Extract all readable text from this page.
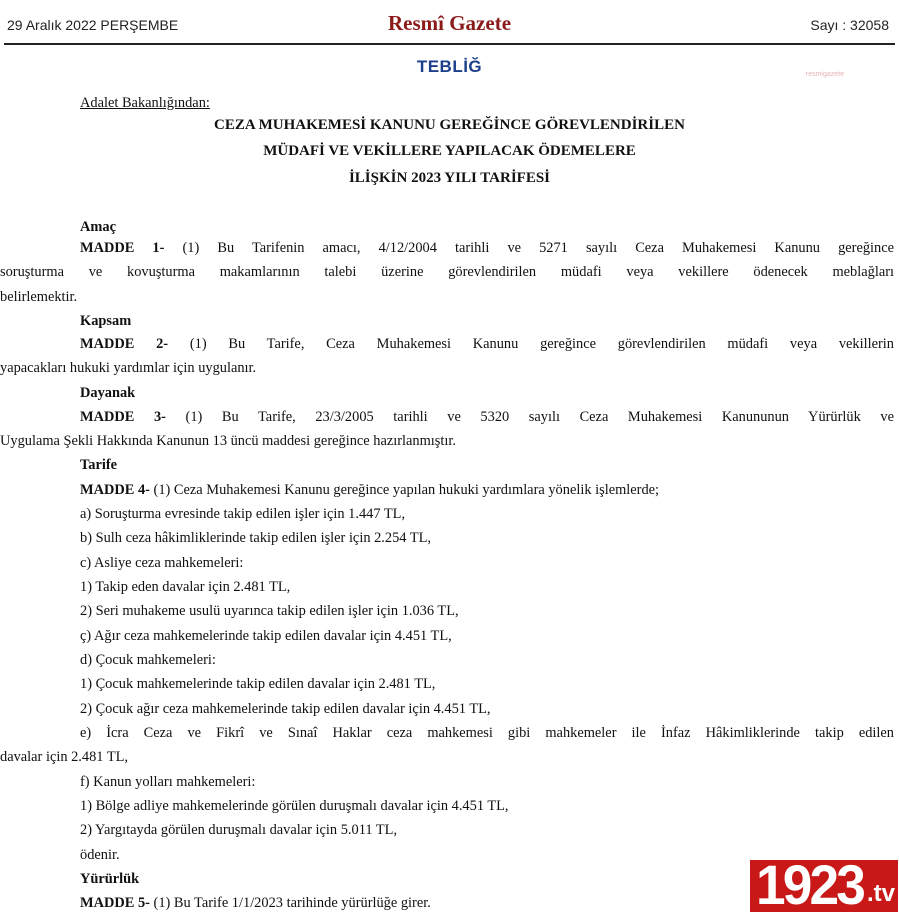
29 Aralık 2022 PERŞEMBE	Resmî Gazete	Sayı : 32058
TEBLİĞ	resmigazete
Adalet Bakanlığından:
CEZA MUHAKEMESİ KANUNU GEREĞİNCE GÖREVLENDİRİLEN
MÜDAFİ VE VEKİLLERE YAPILACAK ÖDEMELERE
İLİŞKİN 2023 YILI TARİFESİ
Amaç
MADDE 1- (1) Bu Tarifenin amacı, 4/12/2004 tarihli ve 5271 sayılı Ceza Muhakemesi Kanunu gereğince
soruşturma ve kovuşturma makamlarının talebi üzerine görevlendirilen müdafi veya vekillere ödenecek meblağları
belirlemektir.
Kapsam
MADDE 2- (1) Bu Tarife, Ceza Muhakemesi Kanunu gereğince görevlendirilen müdafi veya vekillerin
yapacakları hukuki yardımlar için uygulanır.
Dayanak
MADDE 3- (1) Bu Tarife, 23/3/2005 tarihli ve 5320 sayılı Ceza Muhakemesi Kanununun Yürürlük ve
Uygulama Şekli Hakkında Kanunun 13 üncü maddesi gereğince hazırlanmıştır.
Tarife
MADDE 4- (1) Ceza Muhakemesi Kanunu gereğince yapılan hukuki yardımlara yönelik işlemlerde;
a) Soruşturma evresinde takip edilen işler için 1.447 TL,
b) Sulh ceza hâkimliklerinde takip edilen işler için 2.254 TL,
c) Asliye ceza mahkemeleri:
1) Takip eden davalar için 2.481 TL,
2) Seri muhakeme usulü uyarınca takip edilen işler için 1.036 TL,
ç) Ağır ceza mahkemelerinde takip edilen davalar için 4.451 TL,
d) Çocuk mahkemeleri:
1) Çocuk mahkemelerinde takip edilen davalar için 2.481 TL,
2) Çocuk ağır ceza mahkemelerinde takip edilen davalar için 4.451 TL,
e) İcra Ceza ve Fikrî ve Sınaî Haklar ceza mahkemesi gibi mahkemeler ile İnfaz Hâkimliklerinde takip edilen
davalar için 2.481 TL,
f) Kanun yolları mahkemeleri:
1) Bölge adliye mahkemelerinde görülen duruşmalı davalar için 4.451 TL,
2) Yargıtayda görülen duruşmalı davalar için 5.011 TL,
ödenir.
Yürürlük
MADDE 5- (1) Bu Tarife 1/1/2023 tarihinde yürürlüğe girer.	1923 .tv
